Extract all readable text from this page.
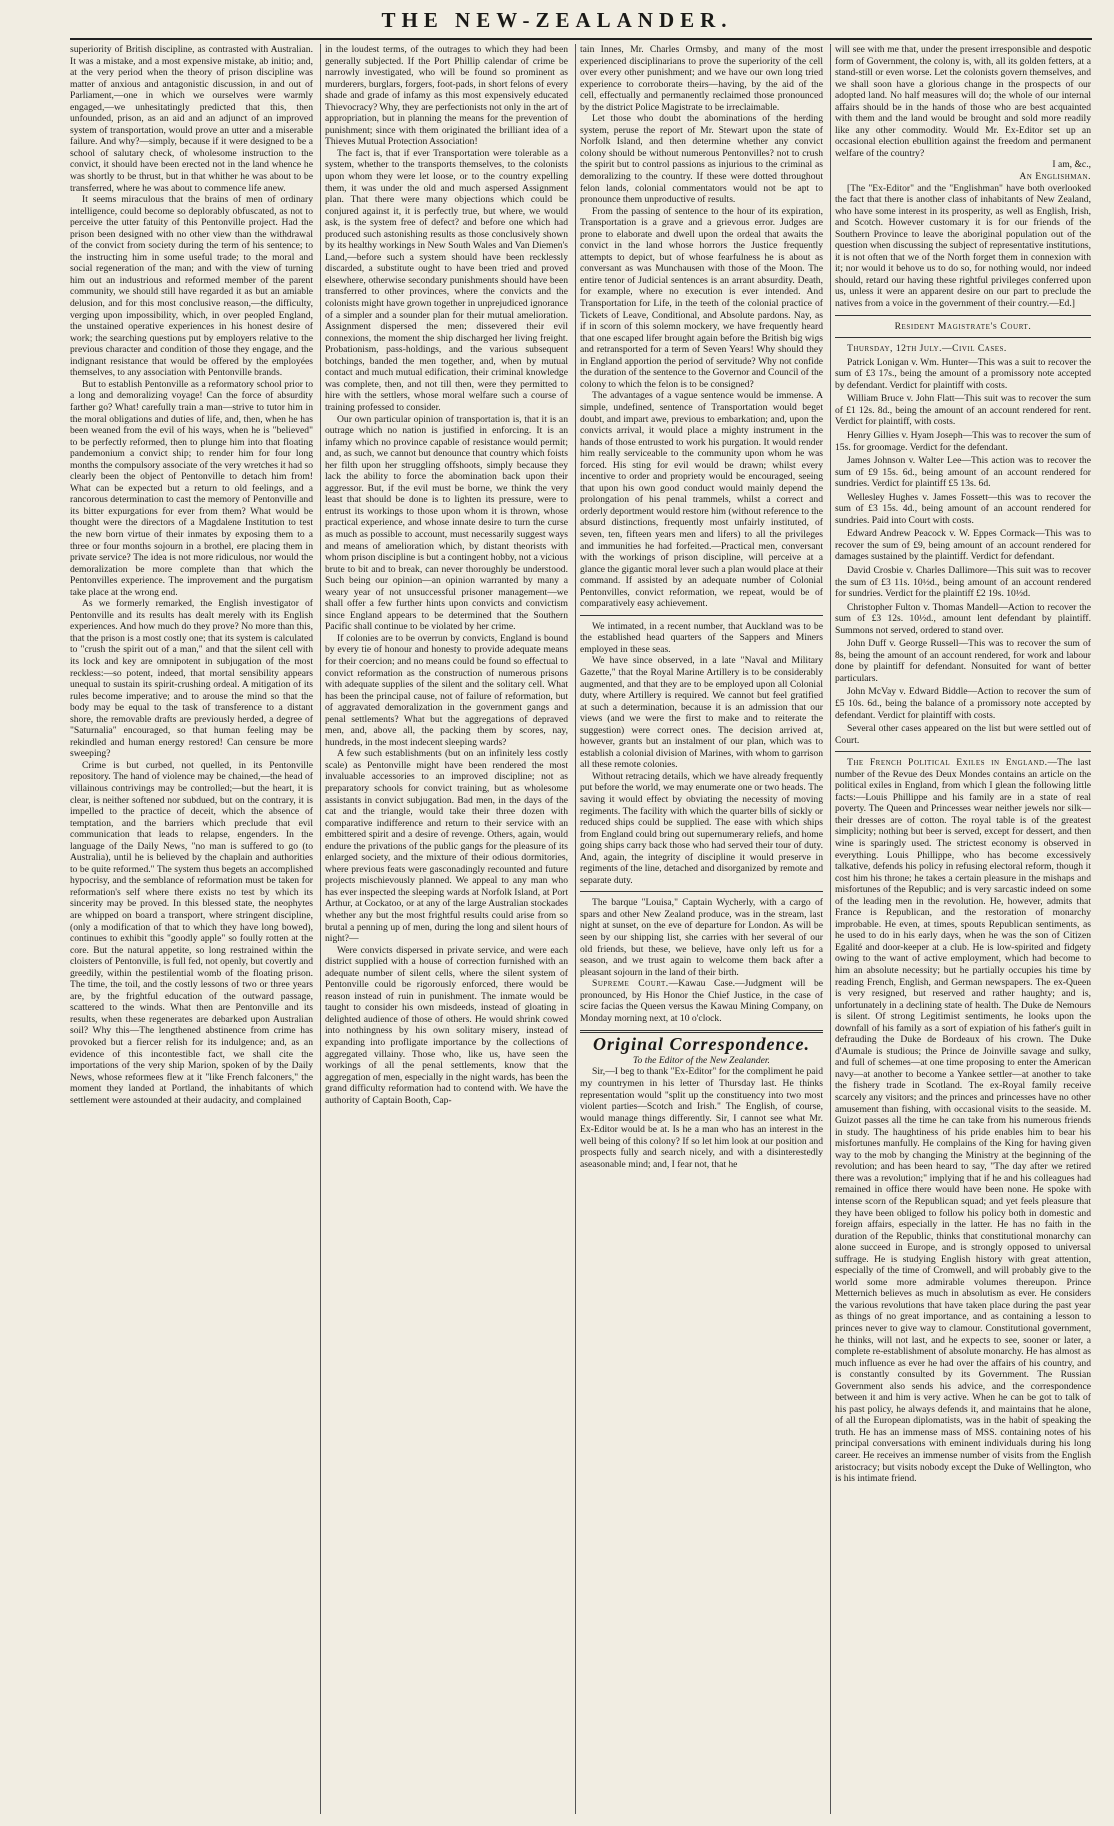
THE NEW-ZEALANDER.

superiority of British discipline, as contrasted with Australian. It was a mistake, and a most expensive mistake, ab initio; and, at the very period when the theory of prison discipline was matter of anxious and antagonistic discussion, in and out of Parliament,—one in which we ourselves were warmly engaged,—we unhesitatingly predicted that this, then unfounded, prison, as an aid and an adjunct of an improved system of transportation, would prove an utter and a miserable failure. And why?—simply, because if it were designed to be a school of salutary check, of wholesome instruction to the convict, it should have been erected not in the land whence he was shortly to be thrust, but in that whither he was about to be transferred, where he was about to commence life anew.

It seems miraculous that the brains of men of ordinary intelligence, could become so deplorably obfuscated, as not to perceive the utter fatuity of this Pentonville project. Had the prison been designed with no other view than the withdrawal of the convict from society during the term of his sentence; to the instructing him in some useful trade; to the moral and social regeneration of the man; and with the view of turning him out an industrious and reformed member of the parent community, we should still have regarded it as but an amiable delusion, and for this most conclusive reason,—the difficulty, verging upon impossibility, which, in over peopled England, the unstained operative experiences in his honest desire of work; the searching questions put by employers relative to the previous character and condition of those they engage, and the indignant resistance that would be offered by the employées themselves, to any association with Pentonville brands.

But to establish Pentonville as a reformatory school prior to a long and demoralizing voyage! Can the force of absurdity farther go? What! carefully train a man—strive to tutor him in the moral obligations and duties of life, and, then, when he has been weaned from the evil of his ways, when he is "believed" to be perfectly reformed, then to plunge him into that floating pandemonium a convict ship; to render him for four long months the compulsory associate of the very wretches it had so clearly been the object of Pentonville to detach him from! What can be expected but a return to old feelings, and a rancorous determination to cast the memory of Pentonville and its bitter expurgations for ever from them? What would be thought were the directors of a Magdalene Institution to test the new born virtue of their inmates by exposing them to a three or four months sojourn in a brothel, ere placing them in private service? The idea is not more ridiculous, nor would the demoralization be more complete than that which the Pentonvilles experience. The improvement and the purgatism take place at the wrong end.

As we formerly remarked, the English investigator of Pentonville and its results has dealt merely with its English experiences. And how much do they prove? No more than this, that the prison is a most costly one; that its system is calculated to "crush the spirit out of a man," and that the silent cell with its lock and key are omnipotent in subjugation of the most reckless:—so potent, indeed, that mortal sensibility appears unequal to sustain its spirit-crushing ordeal. A mitigation of its rules become imperative; and to arouse the mind so that the body may be equal to the task of transference to a distant shore, the removable drafts are previously herded, a degree of "Saturnalia" encouraged, so that human feeling may be rekindled and human energy restored! Can censure be more sweeping?

Crime is but curbed, not quelled, in its Pentonville repository. The hand of violence may be chained,—the head of villainous contrivings may be controlled;—but the heart, it is clear, is neither softened nor subdued, but on the contrary, it is impelled to the practice of deceit, which the absence of temptation, and the barriers which preclude that evil communication that leads to relapse, engenders. In the language of the Daily News, "no man is suffered to go (to Australia), until he is believed by the chaplain and authorities to be quite reformed." The system thus begets an accomplished hypocrisy, and the semblance of reformation must be taken for reformation's self where there exists no test by which its sincerity may be proved. In this blessed state, the neophytes are whipped on board a transport, where stringent discipline, (only a modification of that to which they have long bowed), continues to exhibit this "goodly apple" so foully rotten at the core. But the natural appetite, so long restrained within the cloisters of Pentonville, is full fed, not openly, but covertly and greedily, within the pestilential womb of the floating prison. The time, the toil, and the costly lessons of two or three years are, by the frightful education of the outward passage, scattered to the winds. What then are Pentonville and its results, when these regenerates are debarked upon Australian soil? Why this—The lengthened abstinence from crime has provoked but a fiercer relish for its indulgence; and, as an evidence of this incontestible fact, we shall cite the importations of the very ship Marion, spoken of by the Daily News, whose reformees flew at it "like French falconers," the moment they landed at Portland, the inhabitants of which settlement were astounded at their audacity, and complained

in the loudest terms, of the outrages to which they had been generally subjected. If the Port Phillip calendar of crime be narrowly investigated, who will be found so prominent as murderers, burglars, forgers, foot-pads, in short felons of every shade and grade of infamy as this most expensively educated Thievocracy? Why, they are perfectionists not only in the art of appropriation, but in planning the means for the prevention of punishment; since with them originated the brilliant idea of a Thieves Mutual Protection Association!

The fact is, that if ever Transportation were tolerable as a system, whether to the transports themselves, to the colonists upon whom they were let loose, or to the country expelling them, it was under the old and much aspersed Assignment plan. That there were many objections which could be conjured against it, it is perfectly true, but where, we would ask, is the system free of defect? and before one which had produced such astonishing results as those conclusively shown by its healthy workings in New South Wales and Van Diemen's Land,—before such a system should have been recklessly discarded, a substitute ought to have been tried and proved elsewhere, otherwise secondary punishments should have been transferred to other provinces, where the convicts and the colonists might have grown together in unprejudiced ignorance of a simpler and a sounder plan for their mutual amelioration. Assignment dispersed the men; dissevered their evil connexions, the moment the ship discharged her living freight. Probationism, pass-holdings, and the various subsequent botchings, banded the men together, and, when by mutual contact and much mutual edification, their criminal knowledge was complete, then, and not till then, were they permitted to hire with the settlers, whose moral welfare such a course of training professed to consider.

Our own particular opinion of transportation is, that it is an outrage which no nation is justified in enforcing. It is an infamy which no province capable of resistance would permit; and, as such, we cannot but denounce that country which foists her filth upon her struggling offshoots, simply because they lack the ability to force the abomination back upon their aggressor. But, if the evil must be borne, we think the very least that should be done is to lighten its pressure, were to entrust its workings to those upon whom it is thrown, whose practical experience, and whose innate desire to turn the curse as much as possible to account, must necessarily suggest ways and means of amelioration which, by distant theorists with whom prison discipline is but a contingent hobby, not a vicious brute to bit and to break, can never thoroughly be understood. Such being our opinion—an opinion warranted by many a weary year of not unsuccessful prisoner management—we shall offer a few further hints upon convicts and convictism since England appears to be determined that the Southern Pacific shall continue to be violated by her crime.

If colonies are to be overrun by convicts, England is bound by every tie of honour and honesty to provide adequate means for their coercion; and no means could be found so effectual to convict reformation as the construction of numerous prisons with adequate supplies of the silent and the solitary cell. What has been the principal cause, not of failure of reformation, but of aggravated demoralization in the government gangs and penal settlements? What but the aggregations of depraved men, and, above all, the packing them by scores, nay, hundreds, in the most indecent sleeping wards?

A few such establishments (but on an infinitely less costly scale) as Pentonville might have been rendered the most invaluable accessories to an improved discipline; not as preparatory schools for convict training, but as wholesome assistants in convict subjugation. Bad men, in the days of the cat and the triangle, would take their three dozen with comparative indifference and return to their service with an embittered spirit and a desire of revenge. Others, again, would endure the privations of the public gangs for the pleasure of its enlarged society, and the mixture of their odious dormitories, where previous feats were gasconadingly recounted and future projects mischievously planned. We appeal to any man who has ever inspected the sleeping wards at Norfolk Island, at Port Arthur, at Cockatoo, or at any of the large Australian stockades whether any but the most frightful results could arise from so brutal a penning up of men, during the long and silent hours of night?—

Were convicts dispersed in private service, and were each district supplied with a house of correction furnished with an adequate number of silent cells, where the silent system of Pentonville could be rigorously enforced, there would be reason instead of ruin in punishment. The inmate would be taught to consider his own misdeeds, instead of gloating in delighted audience of those of others. He would shrink cowed into nothingness by his own solitary misery, instead of expanding into profligate importance by the collections of aggregated villainy. Those who, like us, have seen the workings of all the penal settlements, know that the aggregation of men, especially in the night wards, has been the grand difficulty reformation had to contend with. We have the authority of Captain Booth, Cap-

tain Innes, Mr. Charles Ormsby, and many of the most experienced disciplinarians to prove the superiority of the cell over every other punishment; and we have our own long tried experience to corroborate theirs—having, by the aid of the cell, effectually and permanently reclaimed those pronounced by the district Police Magistrate to be irreclaimable.

Let those who doubt the abominations of the herding system, peruse the report of Mr. Stewart upon the state of Norfolk Island, and then determine whether any convict colony should be without numerous Pentonvilles? not to crush the spirit but to control passions as injurious to the criminal as demoralizing to the country. If these were dotted throughout felon lands, colonial commentators would not be apt to pronounce them unproductive of results.

From the passing of sentence to the hour of its expiration, Transportation is a grave and a grievous error. Judges are prone to elaborate and dwell upon the ordeal that awaits the convict in the land whose horrors the Justice frequently attempts to depict, but of whose fearfulness he is about as conversant as was Munchausen with those of the Moon. The entire tenor of Judicial sentences is an arrant absurdity. Death, for example, where no execution is ever intended. And Transportation for Life, in the teeth of the colonial practice of Tickets of Leave, Conditional, and Absolute pardons. Nay, as if in scorn of this solemn mockery, we have frequently heard that one escaped lifer brought again before the British big wigs and retransported for a term of Seven Years! Why should they in England apportion the period of servitude? Why not confide the duration of the sentence to the Governor and Council of the colony to which the felon is to be consigned?

The advantages of a vague sentence would be immense. A simple, undefined, sentence of Transportation would beget doubt, and impart awe, previous to embarkation; and, upon the convicts arrival, it would place a mighty instrument in the hands of those entrusted to work his purgation. It would render him really serviceable to the community upon whom he was forced. His sting for evil would be drawn; whilst every incentive to order and propriety would be encouraged, seeing that upon his own good conduct would mainly depend the prolongation of his penal trammels, whilst a correct and orderly deportment would restore him (without reference to the absurd distinctions, frequently most unfairly instituted, of seven, ten, fifteen years men and lifers) to all the privileges and immunities he had forfeited.—Practical men, conversant with the workings of prison discipline, will perceive at a glance the gigantic moral lever such a plan would place at their command. If assisted by an adequate number of Colonial Pentonvilles, convict reformation, we repeat, would be of comparatively easy achievement.

We intimated, in a recent number, that Auckland was to be the established head quarters of the Sappers and Miners employed in these seas.

We have since observed, in a late "Naval and Military Gazette," that the Royal Marine Artillery is to be considerably augmented, and that they are to be employed upon all Colonial duty, where Artillery is required. We cannot but feel gratified at such a determination, because it is an admission that our views (and we were the first to make and to reiterate the suggestion) were correct ones. The decision arrived at, however, grants but an instalment of our plan, which was to establish a colonial division of Marines, with whom to garrison all these remote colonies.

Without retracing details, which we have already frequently put before the world, we may enumerate one or two heads. The saving it would effect by obviating the necessity of moving regiments. The facility with which the quarter bills of sickly or reduced ships could be supplied. The ease with which ships from England could bring out supernumerary reliefs, and home going ships carry back those who had served their tour of duty. And, again, the integrity of discipline it would preserve in regiments of the line, detached and disorganized by remote and separate duty.

The barque "Louisa," Captain Wycherly, with a cargo of spars and other New Zealand produce, was in the stream, last night at sunset, on the eve of departure for London. As will be seen by our shipping list, she carries with her several of our old friends, but these, we believe, have only left us for a season, and we trust again to welcome them back after a pleasant sojourn in the land of their birth.

Supreme Court.—Kawau Case.—Judgment will be pronounced, by His Honor the Chief Justice, in the case of scire facias the Queen versus the Kawau Mining Company, on Monday morning next, at 10 o'clock.

Original Correspondence.

To the Editor of the New Zealander.

Sir,—I beg to thank "Ex-Editor" for the compliment he paid my countrymen in his letter of Thursday last. He thinks representation would "split up the constituency into two most violent parties—Scotch and Irish." The English, of course, would manage things differently. Sir, I cannot see what Mr. Ex-Editor would be at. Is he a man who has an interest in the well being of this colony? If so let him look at our position and prospects fully and search nicely, and with a disinterestedly aseasonable mind; and, I fear not, that he

will see with me that, under the present irresponsible and despotic form of Government, the colony is, with, all its golden fetters, at a stand-still or even worse. Let the colonists govern themselves, and we shall soon have a glorious change in the prospects of our adopted land. No half measures will do; the whole of our internal affairs should be in the hands of those who are best acquainted with them and the land would be brought and sold more readily like any other commodity. Would Mr. Ex-Editor set up an occasional election ebullition against the freedom and permanent welfare of the country?

I am, &c.,

An Englishman.

[The "Ex-Editor" and the "Englishman" have both overlooked the fact that there is another class of inhabitants of New Zealand, who have some interest in its prosperity, as well as English, Irish, and Scotch. However customary it is for our friends of the Southern Province to leave the aboriginal population out of the question when discussing the subject of representative institutions, it is not often that we of the North forget them in connexion with it; nor would it behove us to do so, for nothing would, nor indeed should, retard our having these rightful privileges conferred upon us, unless it were an apparent desire on our part to preclude the natives from a voice in the government of their country.—Ed.]

Resident Magistrate's Court.

Thursday, 12th July.—Civil Cases.

Patrick Lonigan v. Wm. Hunter—This was a suit to recover the sum of £3 17s., being the amount of a promissory note accepted by defendant. Verdict for plaintiff with costs.

William Bruce v. John Flatt—This suit was to recover the sum of £1 12s. 8d., being the amount of an account rendered for rent. Verdict for plaintiff, with costs.

Henry Gillies v. Hyam Joseph—This was to recover the sum of 15s. for groomage. Verdict for the defendant.

James Johnson v. Walter Lee—This action was to recover the sum of £9 15s. 6d., being amount of an account rendered for sundries. Verdict for plaintiff £5 13s. 6d.

Wellesley Hughes v. James Fossett—this was to recover the sum of £3 15s. 4d., being amount of an account rendered for sundries. Paid into Court with costs.

Edward Andrew Peacock v. W. Eppes Cormack—This was to recover the sum of £9, being amount of an account rendered for damages sustained by the plaintiff. Verdict for defendant.

David Crosbie v. Charles Dallimore—This suit was to recover the sum of £3 11s. 10½d., being amount of an account rendered for sundries. Verdict for the plaintiff £2 19s. 10½d.

Christopher Fulton v. Thomas Mandell—Action to recover the sum of £3 12s. 10½d., amount lent defendant by plaintiff. Summons not served, ordered to stand over.

John Duff v. George Russell—This was to recover the sum of 8s, being the amount of an account rendered, for work and labour done by plaintiff for defendant. Nonsuited for want of better particulars.

John McVay v. Edward Biddle—Action to recover the sum of £5 10s. 6d., being the balance of a promissory note accepted by defendant. Verdict for plaintiff with costs.

Several other cases appeared on the list but were settled out of Court.

The French Political Exiles in England.—The last number of the Revue des Deux Mondes contains an article on the political exiles in England, from which I glean the following little facts:—Louis Phillippe and his family are in a state of real poverty. The Queen and Princesses wear neither jewels nor silk—their dresses are of cotton. The royal table is of the greatest simplicity; nothing but beer is served, except for dessert, and then wine is sparingly used. The strictest economy is observed in everything. Louis Phillippe, who has become excessively talkative, defends his policy in refusing electoral reform, though it cost him his throne; he takes a certain pleasure in the mishaps and misfortunes of the Republic; and is very sarcastic indeed on some of the leading men in the revolution. He, however, admits that France is Republican, and the restoration of monarchy improbable. He even, at times, spouts Republican sentiments, as he used to do in his early days, when he was the son of Citizen Egalité and door-keeper at a club. He is low-spirited and fidgety owing to the want of active employment, which had become to him an absolute necessity; but he partially occupies his time by reading French, English, and German newspapers. The ex-Queen is very resigned, but reserved and rather haughty; and is, unfortunately in a declining state of health. The Duke de Nemours is silent. Of strong Legitimist sentiments, he looks upon the downfall of his family as a sort of expiation of his father's guilt in defrauding the Duke de Bordeaux of his crown. The Duke d'Aumale is studious; the Prince de Joinville savage and sulky, and full of schemes—at one time proposing to enter the American navy—at another to become a Yankee settler—at another to take the fishery trade in Scotland. The ex-Royal family receive scarcely any visitors; and the princes and princesses have no other amusement than fishing, with occasional visits to the seaside. M. Guizot passes all the time he can take from his numerous friends in study. The haughtiness of his pride enables him to bear his misfortunes manfully. He complains of the King for having given way to the mob by changing the Ministry at the beginning of the revolution; and has been heard to say, "The day after we retired there was a revolution;" implying that if he and his colleagues had remained in office there would have been none. He spoke with intense scorn of the Republican squad; and yet feels pleasure that they have been obliged to follow his policy both in domestic and foreign affairs, especially in the latter. He has no faith in the duration of the Republic, thinks that constitutional monarchy can alone succeed in Europe, and is strongly opposed to universal suffrage. He is studying English history with great attention, especially of the time of Cromwell, and will probably give to the world some more admirable volumes thereupon. Prince Metternich believes as much in absolutism as ever. He considers the various revolutions that have taken place during the past year as things of no great importance, and as containing a lesson to princes never to give way to clamour. Constitutional government, he thinks, will not last, and he expects to see, sooner or later, a complete re-establishment of absolute monarchy. He has almost as much influence as ever he had over the affairs of his country, and is constantly consulted by its Government. The Russian Government also sends his advice, and the correspondence between it and him is very active. When he can be got to talk of his past policy, he always defends it, and maintains that he alone, of all the European diplomatists, was in the habit of speaking the truth. He has an immense mass of MSS. containing notes of his principal conversations with eminent individuals during his long career. He receives an immense number of visits from the English aristocracy; but visits nobody except the Duke of Wellington, who is his intimate friend.
